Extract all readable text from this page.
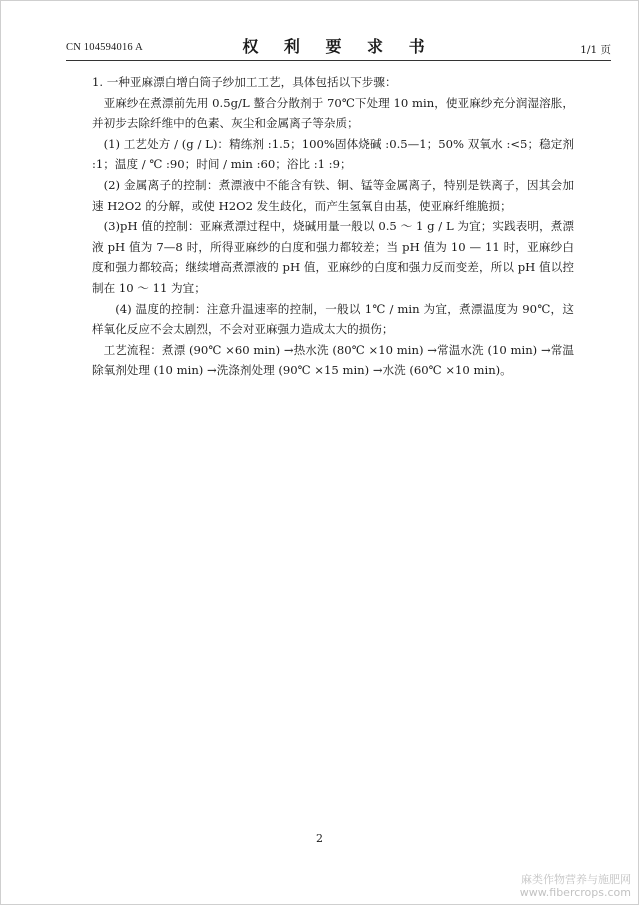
CN 104594016 A	权 利 要 求 书	1/1 页

1. 一种亚麻漂白增白筒子纱加工工艺，具体包括以下步骤：

亚麻纱在煮漂前先用 0.5g/L 螯合分散剂于 70℃下处理 10 min，使亚麻纱充分润湿溶胀，并初步去除纤维中的色素、灰尘和金属离子等杂质；

(1) 工艺处方 / (g / L)：精练剂 :1.5；100%固体烧碱 :0.5—1；50% 双氧水 :<5；稳定剂 :1；温度 / ℃ :90；时间 / min :60；浴比 :1 :9；

(2) 金属离子的控制：煮漂液中不能含有铁、铜、锰等金属离子，特别是铁离子，因其会加速 H2O2 的分解，或使 H2O2 发生歧化，而产生氢氧自由基，使亚麻纤维脆损；

(3)pH 值的控制：亚麻煮漂过程中，烧碱用量一般以 0.5 ～ 1 g / L 为宜；实践表明，煮漂液 pH 值为 7—8 时，所得亚麻纱的白度和强力都较差；当 pH 值为 10 — 11 时，亚麻纱白度和强力都较高；继续增高煮漂液的 pH 值，亚麻纱的白度和强力反而变差，所以 pH 值以控制在 10 ～ 11 为宜；

(4) 温度的控制：注意升温速率的控制，一般以 1℃ / min 为宜，煮漂温度为 90℃，这样氧化反应不会太剧烈，不会对亚麻强力造成太大的损伤；

工艺流程：煮漂 (90℃ ×60 min) →热水洗 (80℃ ×10 min) →常温水洗 (10 min) →常温除氧剂处理 (10 min) →洗涤剂处理 (90℃ ×15 min) →水洗 (60℃ ×10 min)。

2
麻类作物营养与施肥网
www.fibercrops.com
